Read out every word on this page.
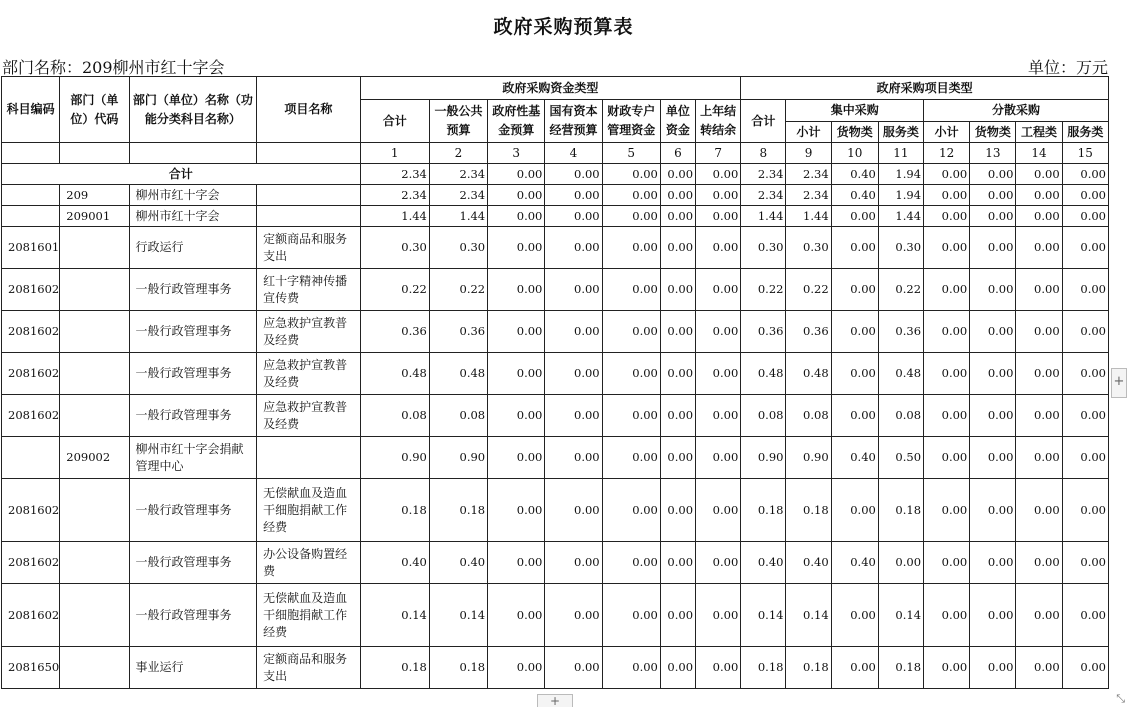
政府采购预算表
部门名称：209柳州市红十字会	单位：万元
科目编码	部门（单位）代码	部门（单位）名称（功能分类科目名称）	项目名称	政府采购资金类型							政府采购项目类型							
				合计	一般公共预算	政府性基金预算	国有资本经营预算	财政专户管理资金	单位资金	上年结转结余	合计	集中采购			分散采购			
												小计	货物类	服务类	小计	货物类	工程类	服务类
				1	2	3	4	5	6	7	8	9	10	11	12	13	14	15
合计				2.34	2.34	0.00	0.00	0.00	0.00	0.00	2.34	2.34	0.40	1.94	0.00	0.00	0.00	0.00
	209	柳州市红十字会		2.34	2.34	0.00	0.00	0.00	0.00	0.00	2.34	2.34	0.40	1.94	0.00	0.00	0.00	0.00
	209001	柳州市红十字会		1.44	1.44	0.00	0.00	0.00	0.00	0.00	1.44	1.44	0.00	1.44	0.00	0.00	0.00	0.00
2081601		行政运行	定额商品和服务支出	0.30	0.30	0.00	0.00	0.00	0.00	0.00	0.30	0.30	0.00	0.30	0.00	0.00	0.00	0.00
2081602		一般行政管理事务	红十字精神传播宣传费	0.22	0.22	0.00	0.00	0.00	0.00	0.00	0.22	0.22	0.00	0.22	0.00	0.00	0.00	0.00
2081602		一般行政管理事务	应急救护宣教普及经费	0.36	0.36	0.00	0.00	0.00	0.00	0.00	0.36	0.36	0.00	0.36	0.00	0.00	0.00	0.00
2081602		一般行政管理事务	应急救护宣教普及经费	0.48	0.48	0.00	0.00	0.00	0.00	0.00	0.48	0.48	0.00	0.48	0.00	0.00	0.00	0.00
2081602		一般行政管理事务	应急救护宣教普及经费	0.08	0.08	0.00	0.00	0.00	0.00	0.00	0.08	0.08	0.00	0.08	0.00	0.00	0.00	0.00
	209002	柳州市红十字会捐献管理中心		0.90	0.90	0.00	0.00	0.00	0.00	0.00	0.90	0.90	0.40	0.50	0.00	0.00	0.00	0.00
2081602		一般行政管理事务	无偿献血及造血干细胞捐献工作经费	0.18	0.18	0.00	0.00	0.00	0.00	0.00	0.18	0.18	0.00	0.18	0.00	0.00	0.00	0.00
2081602		一般行政管理事务	办公设备购置经费	0.40	0.40	0.00	0.00	0.00	0.00	0.00	0.40	0.40	0.40	0.00	0.00	0.00	0.00	0.00
2081602		一般行政管理事务	无偿献血及造血干细胞捐献工作经费	0.14	0.14	0.00	0.00	0.00	0.00	0.00	0.14	0.14	0.00	0.14	0.00	0.00	0.00	0.00
2081650		事业运行	定额商品和服务支出	0.18	0.18	0.00	0.00	0.00	0.00	0.00	0.18	0.18	0.00	0.18	0.00	0.00	0.00	0.00
+
+	⤡
